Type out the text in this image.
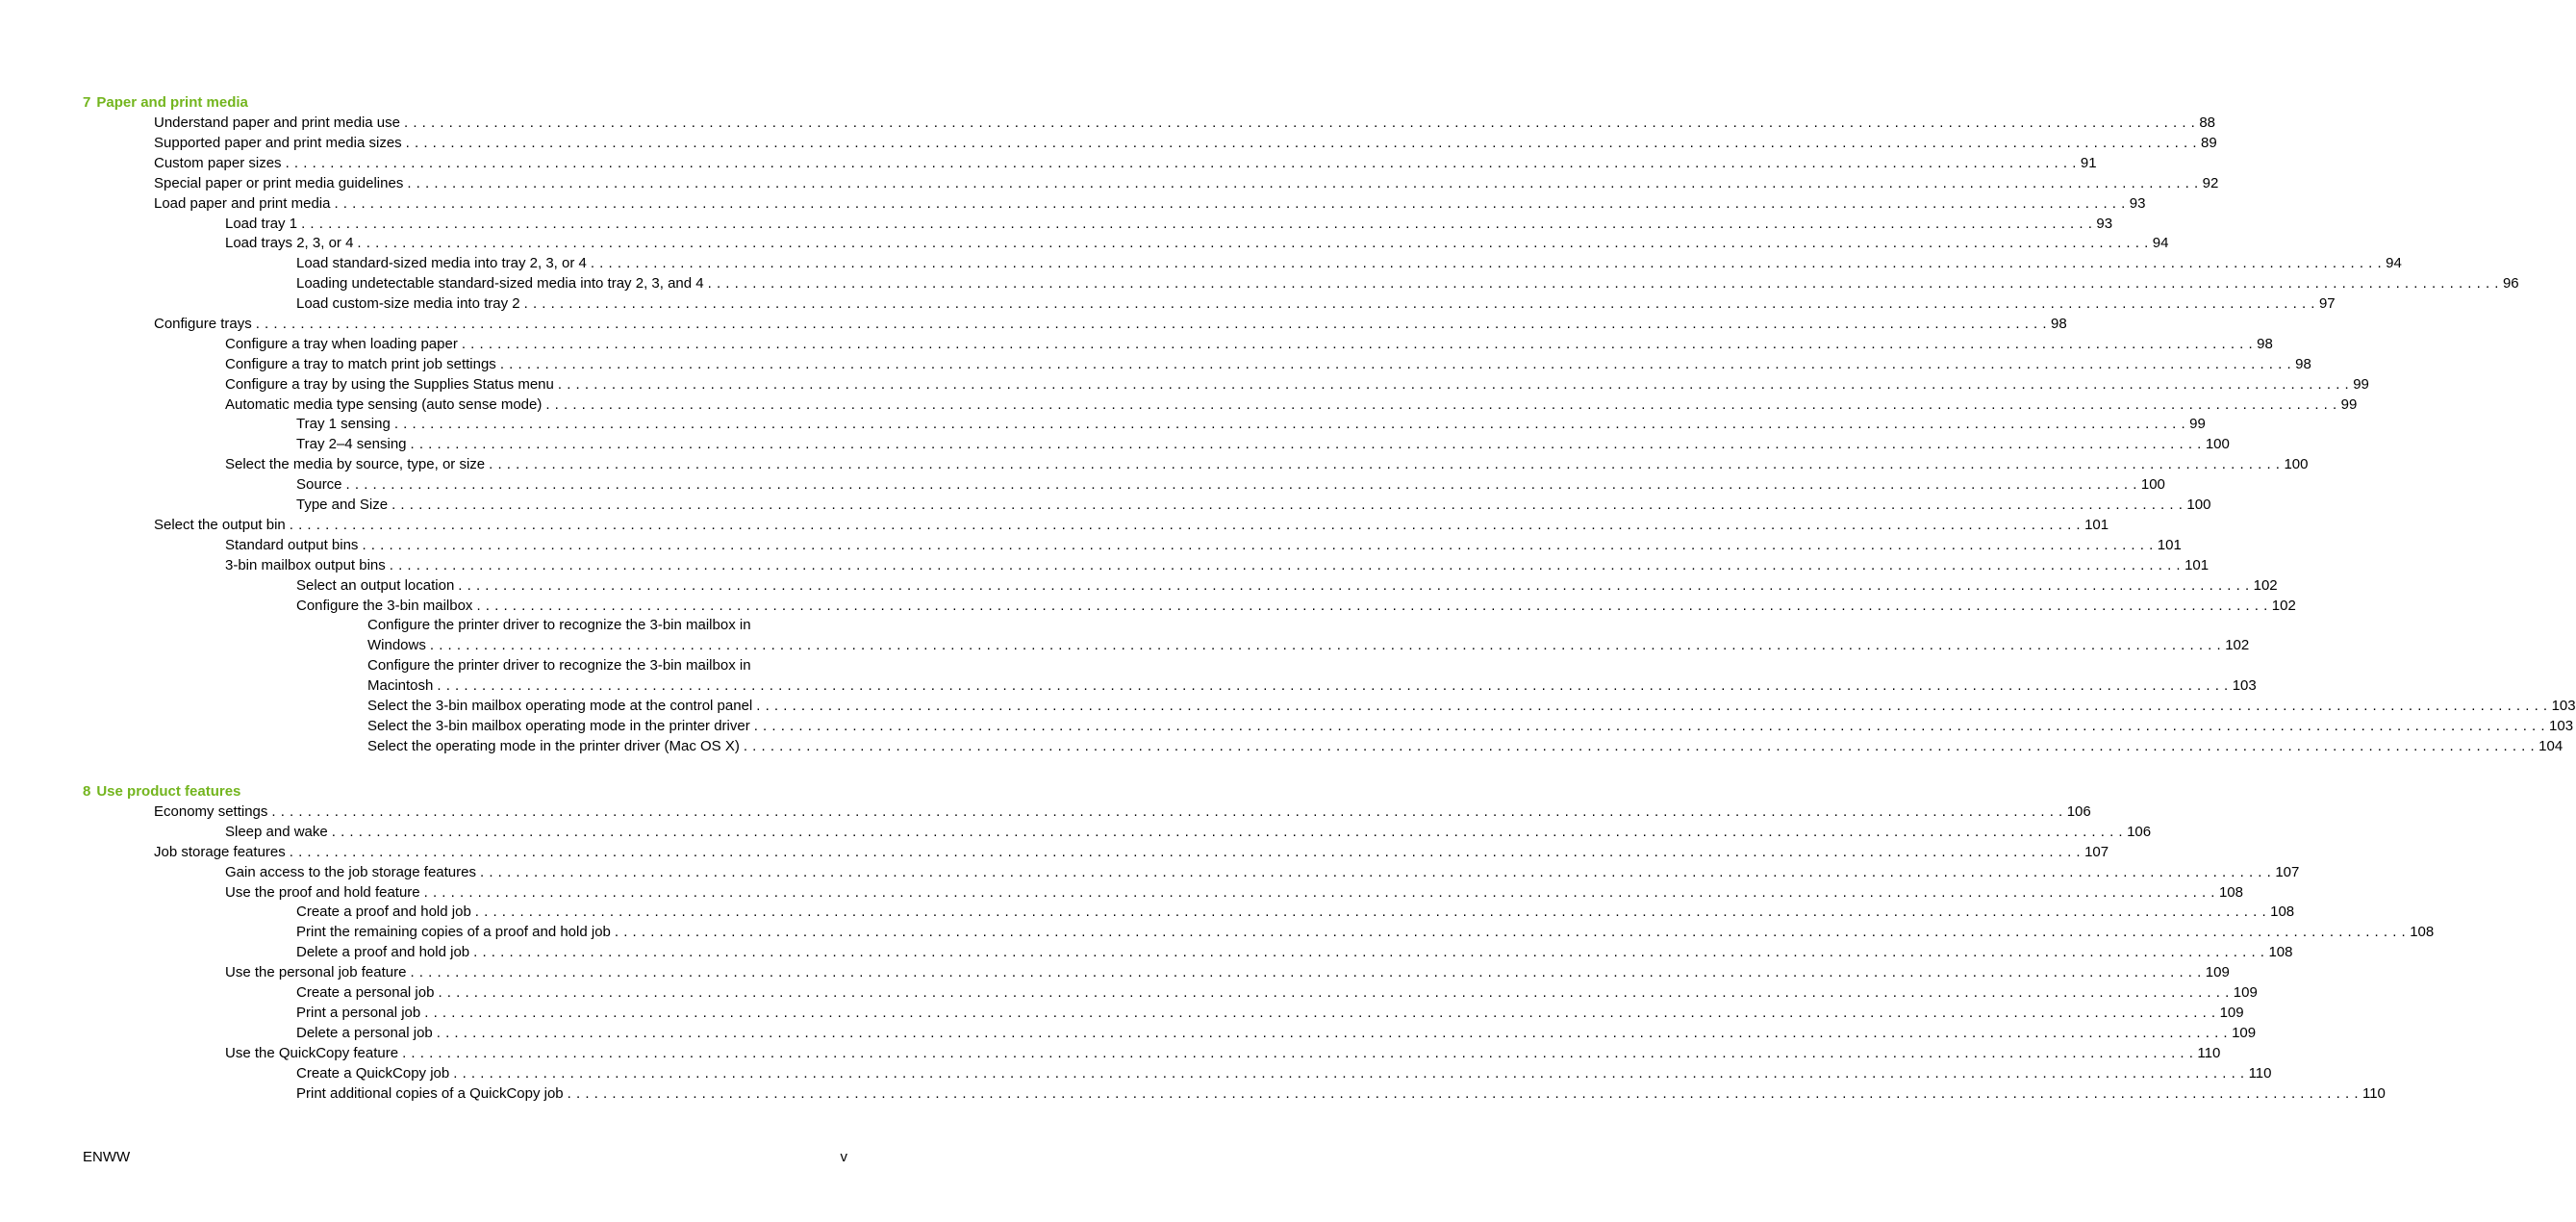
7 Paper and print media
Understand paper and print media use . . . . . . . . . . . . . . . . . . . . . . . . . . . . . . . . . . . . . . . . . . . . . . . . . . . . . . . . . . . . . . . . . . . . . . . . . . . . . . . . . . . . . . . . . . . . . . . . . . . . . . . . . . . . . . . . . . . . . . . . . . . . . . . . . . . . . . . . . . . . . . . . . . . . . . . . . . . . . . . . . . . . . . . . . . . . . . . . . . . . . . . . . . . . . . . . . . . . . . . . 88
Supported paper and print media sizes . . . . . . . . . . . . . . . . . . . . . . . . . . . . . . . . . . . . . . . . . . . . . . . . . . . . . . . . . . . . . . . . . . . . . . . . . . . . . . . . . . . . . . . . . . . . . . . . . . . . . . . . . . . . . . . . . . . . . . . . . . . . . . . . . . . . . . . . . . . . . . . . . . . . . . . . . . . . . . . . . . . . . . . . . . . . . . . . . . . . . . . . . . . . . . . . . . . . . . . . 89
Custom paper sizes . . . . . . . . . . . . . . . . . . . . . . . . . . . . . . . . . . . . . . . . . . . . . . . . . . . . . . . . . . . . . . . . . . . . . . . . . . . . . . . . . . . . . . . . . . . . . . . . . . . . . . . . . . . . . . . . . . . . . . . . . . . . . . . . . . . . . . . . . . . . . . . . . . . . . . . . . . . . . . . . . . . . . . . . . . . . . . . . . . . . . . . . . . . . . . . . . . . . . . . . 91
Special paper or print media guidelines . . . . . . . . . . . . . . . . . . . . . . . . . . . . . . . . . . . . . . . . . . . . . . . . . . . . . . . . . . . . . . . . . . . . . . . . . . . . . . . . . . . . . . . . . . . . . . . . . . . . . . . . . . . . . . . . . . . . . . . . . . . . . . . . . . . . . . . . . . . . . . . . . . . . . . . . . . . . . . . . . . . . . . . . . . . . . . . . . . . . . . . . . . . . . . . . . . . . . . . . 92
Load paper and print media . . . . . . . . . . . . . . . . . . . . . . . . . . . . . . . . . . . . . . . . . . . . . . . . . . . . . . . . . . . . . . . . . . . . . . . . . . . . . . . . . . . . . . . . . . . . . . . . . . . . . . . . . . . . . . . . . . . . . . . . . . . . . . . . . . . . . . . . . . . . . . . . . . . . . . . . . . . . . . . . . . . . . . . . . . . . . . . . . . . . . . . . . . . . . . . . . . . . . . . . 93
Load tray 1 . . . . . . . . . . . . . . . . . . . . . . . . . . . . . . . . . . . . . . . . . . . . . . . . . . . . . . . . . . . . . . . . . . . . . . . . . . . . . . . . . . . . . . . . . . . . . . . . . . . . . . . . . . . . . . . . . . . . . . . . . . . . . . . . . . . . . . . . . . . . . . . . . . . . . . . . . . . . . . . . . . . . . . . . . . . . . . . . . . . . . . . . . . . . . . . . . . . . . . . . 93
Load trays 2, 3, or 4 . . . . . . . . . . . . . . . . . . . . . . . . . . . . . . . . . . . . . . . . . . . . . . . . . . . . . . . . . . . . . . . . . . . . . . . . . . . . . . . . . . . . . . . . . . . . . . . . . . . . . . . . . . . . . . . . . . . . . . . . . . . . . . . . . . . . . . . . . . . . . . . . . . . . . . . . . . . . . . . . . . . . . . . . . . . . . . . . . . . . . . . . . . . . . . . . . . . . . . . . 94
Load standard-sized media into tray 2, 3, or 4 . . . . . . . . . . . . . . . . . . . . . . . . . . . . . . . . . . . . . . . . . . . . . . . . . . . . . . . . . . . . . . . . . . . . . . . . . . . . . . . . . . . . . . . . . . . . . . . . . . . . . . . . . . . . . . . . . . . . . . . . . . . . . . . . . . . . . . . . . . . . . . . . . . . . . . . . . . . . . . . . . . . . . . . . . . . . . . . . . . . . . . . . . . . . . . . . . . . . . . . . 94
Loading undetectable standard-sized media into tray 2, 3, and 4 . . . . . . . . . . . . . . . . . . . . . . . . . . . . . . . . . . . . . . . . . . . . . . . . . . . . . . . . . . . . . . . . . . . . . . . . . . . . . . . . . . . . . . . . . . . . . . . . . . . . . . . . . . . . . . . . . . . . . . . . . . . . . . . . . . . . . . . . . . . . . . . . . . . . . . . . . . . . . . . . . . . . . . . . . . . . . . . . . . . . . . . . . . . . . . . . . . . . . . . . 96
Load custom-size media into tray 2 . . . . . . . . . . . . . . . . . . . . . . . . . . . . . . . . . . . . . . . . . . . . . . . . . . . . . . . . . . . . . . . . . . . . . . . . . . . . . . . . . . . . . . . . . . . . . . . . . . . . . . . . . . . . . . . . . . . . . . . . . . . . . . . . . . . . . . . . . . . . . . . . . . . . . . . . . . . . . . . . . . . . . . . . . . . . . . . . . . . . . . . . . . . . . . . . . . . . . . . . 97
Configure trays . . . . . . . . . . . . . . . . . . . . . . . . . . . . . . . . . . . . . . . . . . . . . . . . . . . . . . . . . . . . . . . . . . . . . . . . . . . . . . . . . . . . . . . . . . . . . . . . . . . . . . . . . . . . . . . . . . . . . . . . . . . . . . . . . . . . . . . . . . . . . . . . . . . . . . . . . . . . . . . . . . . . . . . . . . . . . . . . . . . . . . . . . . . . . . . . . . . . . . . . 98
Configure a tray when loading paper . . . . . . . . . . . . . . . . . . . . . . . . . . . . . . . . . . . . . . . . . . . . . . . . . . . . . . . . . . . . . . . . . . . . . . . . . . . . . . . . . . . . . . . . . . . . . . . . . . . . . . . . . . . . . . . . . . . . . . . . . . . . . . . . . . . . . . . . . . . . . . . . . . . . . . . . . . . . . . . . . . . . . . . . . . . . . . . . . . . . . . . . . . . . . . . . . . . . . . . . 98
Configure a tray to match print job settings . . . . . . . . . . . . . . . . . . . . . . . . . . . . . . . . . . . . . . . . . . . . . . . . . . . . . . . . . . . . . . . . . . . . . . . . . . . . . . . . . . . . . . . . . . . . . . . . . . . . . . . . . . . . . . . . . . . . . . . . . . . . . . . . . . . . . . . . . . . . . . . . . . . . . . . . . . . . . . . . . . . . . . . . . . . . . . . . . . . . . . . . . . . . . . . . . . . . . . . . 98
Configure a tray by using the Supplies Status menu . . . . . . . . . . . . . . . . . . . . . . . . . . . . . . . . . . . . . . . . . . . . . . . . . . . . . . . . . . . . . . . . . . . . . . . . . . . . . . . . . . . . . . . . . . . . . . . . . . . . . . . . . . . . . . . . . . . . . . . . . . . . . . . . . . . . . . . . . . . . . . . . . . . . . . . . . . . . . . . . . . . . . . . . . . . . . . . . . . . . . . . . . . . . . . . . . . . . . . . . 99
Automatic media type sensing (auto sense mode) . . . . . . . . . . . . . . . . . . . . . . . . . . . . . . . . . . . . . . . . . . . . . . . . . . . . . . . . . . . . . . . . . . . . . . . . . . . . . . . . . . . . . . . . . . . . . . . . . . . . . . . . . . . . . . . . . . . . . . . . . . . . . . . . . . . . . . . . . . . . . . . . . . . . . . . . . . . . . . . . . . . . . . . . . . . . . . . . . . . . . . . . . . . . . . . . . . . . . . . . 99
Tray 1 sensing . . . . . . . . . . . . . . . . . . . . . . . . . . . . . . . . . . . . . . . . . . . . . . . . . . . . . . . . . . . . . . . . . . . . . . . . . . . . . . . . . . . . . . . . . . . . . . . . . . . . . . . . . . . . . . . . . . . . . . . . . . . . . . . . . . . . . . . . . . . . . . . . . . . . . . . . . . . . . . . . . . . . . . . . . . . . . . . . . . . . . . . . . . . . . . . . . . . . . . . . 99
Tray 2–4 sensing . . . . . . . . . . . . . . . . . . . . . . . . . . . . . . . . . . . . . . . . . . . . . . . . . . . . . . . . . . . . . . . . . . . . . . . . . . . . . . . . . . . . . . . . . . . . . . . . . . . . . . . . . . . . . . . . . . . . . . . . . . . . . . . . . . . . . . . . . . . . . . . . . . . . . . . . . . . . . . . . . . . . . . . . . . . . . . . . . . . . . . . . . . . . . . . . . . . . . . . . 100
Select the media by source, type, or size . . . . . . . . . . . . . . . . . . . . . . . . . . . . . . . . . . . . . . . . . . . . . . . . . . . . . . . . . . . . . . . . . . . . . . . . . . . . . . . . . . . . . . . . . . . . . . . . . . . . . . . . . . . . . . . . . . . . . . . . . . . . . . . . . . . . . . . . . . . . . . . . . . . . . . . . . . . . . . . . . . . . . . . . . . . . . . . . . . . . . . . . . . . . . . . . . . . . . . . . 100
Source . . . . . . . . . . . . . . . . . . . . . . . . . . . . . . . . . . . . . . . . . . . . . . . . . . . . . . . . . . . . . . . . . . . . . . . . . . . . . . . . . . . . . . . . . . . . . . . . . . . . . . . . . . . . . . . . . . . . . . . . . . . . . . . . . . . . . . . . . . . . . . . . . . . . . . . . . . . . . . . . . . . . . . . . . . . . . . . . . . . . . . . . . . . . . . . . . . . . . . . . 100
Type and Size . . . . . . . . . . . . . . . . . . . . . . . . . . . . . . . . . . . . . . . . . . . . . . . . . . . . . . . . . . . . . . . . . . . . . . . . . . . . . . . . . . . . . . . . . . . . . . . . . . . . . . . . . . . . . . . . . . . . . . . . . . . . . . . . . . . . . . . . . . . . . . . . . . . . . . . . . . . . . . . . . . . . . . . . . . . . . . . . . . . . . . . . . . . . . . . . . . . . . . . . 100
Select the output bin . . . . . . . . . . . . . . . . . . . . . . . . . . . . . . . . . . . . . . . . . . . . . . . . . . . . . . . . . . . . . . . . . . . . . . . . . . . . . . . . . . . . . . . . . . . . . . . . . . . . . . . . . . . . . . . . . . . . . . . . . . . . . . . . . . . . . . . . . . . . . . . . . . . . . . . . . . . . . . . . . . . . . . . . . . . . . . . . . . . . . . . . . . . . . . . . . . . . . . . . 101
Standard output bins . . . . . . . . . . . . . . . . . . . . . . . . . . . . . . . . . . . . . . . . . . . . . . . . . . . . . . . . . . . . . . . . . . . . . . . . . . . . . . . . . . . . . . . . . . . . . . . . . . . . . . . . . . . . . . . . . . . . . . . . . . . . . . . . . . . . . . . . . . . . . . . . . . . . . . . . . . . . . . . . . . . . . . . . . . . . . . . . . . . . . . . . . . . . . . . . . . . . . . . . 101
3-bin mailbox output bins . . . . . . . . . . . . . . . . . . . . . . . . . . . . . . . . . . . . . . . . . . . . . . . . . . . . . . . . . . . . . . . . . . . . . . . . . . . . . . . . . . . . . . . . . . . . . . . . . . . . . . . . . . . . . . . . . . . . . . . . . . . . . . . . . . . . . . . . . . . . . . . . . . . . . . . . . . . . . . . . . . . . . . . . . . . . . . . . . . . . . . . . . . . . . . . . . . . . . . . . 101
Select an output location . . . . . . . . . . . . . . . . . . . . . . . . . . . . . . . . . . . . . . . . . . . . . . . . . . . . . . . . . . . . . . . . . . . . . . . . . . . . . . . . . . . . . . . . . . . . . . . . . . . . . . . . . . . . . . . . . . . . . . . . . . . . . . . . . . . . . . . . . . . . . . . . . . . . . . . . . . . . . . . . . . . . . . . . . . . . . . . . . . . . . . . . . . . . . . . . . . . . . . . . 102
Configure the 3-bin mailbox . . . . . . . . . . . . . . . . . . . . . . . . . . . . . . . . . . . . . . . . . . . . . . . . . . . . . . . . . . . . . . . . . . . . . . . . . . . . . . . . . . . . . . . . . . . . . . . . . . . . . . . . . . . . . . . . . . . . . . . . . . . . . . . . . . . . . . . . . . . . . . . . . . . . . . . . . . . . . . . . . . . . . . . . . . . . . . . . . . . . . . . . . . . . . . . . . . . . . . . . 102
Configure the printer driver to recognize the 3-bin mailbox in
Windows . . . . . . . . . . . . . . . . . . . . . . . . . . . . . . . . . . . . . . . . . . . . . . . . . . . . . . . . . . . . . . . . . . . . . . . . . . . . . . . . . . . . . . . . . . . . . . . . . . . . . . . . . . . . . . . . . . . . . . . . . . . . . . . . . . . . . . . . . . . . . . . . . . . . . . . . . . . . . . . . . . . . . . . . . . . . . . . . . . . . . . . . . . . . . . . . . . . . . . . . 102
Configure the printer driver to recognize the 3-bin mailbox in
Macintosh . . . . . . . . . . . . . . . . . . . . . . . . . . . . . . . . . . . . . . . . . . . . . . . . . . . . . . . . . . . . . . . . . . . . . . . . . . . . . . . . . . . . . . . . . . . . . . . . . . . . . . . . . . . . . . . . . . . . . . . . . . . . . . . . . . . . . . . . . . . . . . . . . . . . . . . . . . . . . . . . . . . . . . . . . . . . . . . . . . . . . . . . . . . . . . . . . . . . . . . . 103
Select the 3-bin mailbox operating mode at the control panel . . . . . . . . . . . . . . . . . . . . . . . . . . . . . . . . . . . . . . . . . . . . . . . . . . . . . . . . . . . . . . . . . . . . . . . . . . . . . . . . . . . . . . . . . . . . . . . . . . . . . . . . . . . . . . . . . . . . . . . . . . . . . . . . . . . . . . . . . . . . . . . . . . . . . . . . . . . . . . . . . . . . . . . . . . . . . . . . . . . . . . . . . . . . . . . . . . . . . . . . 103
Select the 3-bin mailbox operating mode in the printer driver . . . . . . . . . . . . . . . . . . . . . . . . . . . . . . . . . . . . . . . . . . . . . . . . . . . . . . . . . . . . . . . . . . . . . . . . . . . . . . . . . . . . . . . . . . . . . . . . . . . . . . . . . . . . . . . . . . . . . . . . . . . . . . . . . . . . . . . . . . . . . . . . . . . . . . . . . . . . . . . . . . . . . . . . . . . . . . . . . . . . . . . . . . . . . . . . . . . . . . . . 103
Select the operating mode in the printer driver (Mac OS X) . . . . . . . . . . . . . . . . . . . . . . . . . . . . . . . . . . . . . . . . . . . . . . . . . . . . . . . . . . . . . . . . . . . . . . . . . . . . . . . . . . . . . . . . . . . . . . . . . . . . . . . . . . . . . . . . . . . . . . . . . . . . . . . . . . . . . . . . . . . . . . . . . . . . . . . . . . . . . . . . . . . . . . . . . . . . . . . . . . . . . . . . . . . . . . . . . . . . . . . . 104
8 Use product features
Economy settings . . . . . . . . . . . . . . . . . . . . . . . . . . . . . . . . . . . . . . . . . . . . . . . . . . . . . . . . . . . . . . . . . . . . . . . . . . . . . . . . . . . . . . . . . . . . . . . . . . . . . . . . . . . . . . . . . . . . . . . . . . . . . . . . . . . . . . . . . . . . . . . . . . . . . . . . . . . . . . . . . . . . . . . . . . . . . . . . . . . . . . . . . . . . . . . . . . . . . . . . 106
Sleep and wake . . . . . . . . . . . . . . . . . . . . . . . . . . . . . . . . . . . . . . . . . . . . . . . . . . . . . . . . . . . . . . . . . . . . . . . . . . . . . . . . . . . . . . . . . . . . . . . . . . . . . . . . . . . . . . . . . . . . . . . . . . . . . . . . . . . . . . . . . . . . . . . . . . . . . . . . . . . . . . . . . . . . . . . . . . . . . . . . . . . . . . . . . . . . . . . . . . . . . . . . 106
Job storage features . . . . . . . . . . . . . . . . . . . . . . . . . . . . . . . . . . . . . . . . . . . . . . . . . . . . . . . . . . . . . . . . . . . . . . . . . . . . . . . . . . . . . . . . . . . . . . . . . . . . . . . . . . . . . . . . . . . . . . . . . . . . . . . . . . . . . . . . . . . . . . . . . . . . . . . . . . . . . . . . . . . . . . . . . . . . . . . . . . . . . . . . . . . . . . . . . . . . . . . . 107
Gain access to the job storage features . . . . . . . . . . . . . . . . . . . . . . . . . . . . . . . . . . . . . . . . . . . . . . . . . . . . . . . . . . . . . . . . . . . . . . . . . . . . . . . . . . . . . . . . . . . . . . . . . . . . . . . . . . . . . . . . . . . . . . . . . . . . . . . . . . . . . . . . . . . . . . . . . . . . . . . . . . . . . . . . . . . . . . . . . . . . . . . . . . . . . . . . . . . . . . . . . . . . . . . . 107
Use the proof and hold feature . . . . . . . . . . . . . . . . . . . . . . . . . . . . . . . . . . . . . . . . . . . . . . . . . . . . . . . . . . . . . . . . . . . . . . . . . . . . . . . . . . . . . . . . . . . . . . . . . . . . . . . . . . . . . . . . . . . . . . . . . . . . . . . . . . . . . . . . . . . . . . . . . . . . . . . . . . . . . . . . . . . . . . . . . . . . . . . . . . . . . . . . . . . . . . . . . . . . . . . . 108
Create a proof and hold job . . . . . . . . . . . . . . . . . . . . . . . . . . . . . . . . . . . . . . . . . . . . . . . . . . . . . . . . . . . . . . . . . . . . . . . . . . . . . . . . . . . . . . . . . . . . . . . . . . . . . . . . . . . . . . . . . . . . . . . . . . . . . . . . . . . . . . . . . . . . . . . . . . . . . . . . . . . . . . . . . . . . . . . . . . . . . . . . . . . . . . . . . . . . . . . . . . . . . . . . 108
Print the remaining copies of a proof and hold job . . . . . . . . . . . . . . . . . . . . . . . . . . . . . . . . . . . . . . . . . . . . . . . . . . . . . . . . . . . . . . . . . . . . . . . . . . . . . . . . . . . . . . . . . . . . . . . . . . . . . . . . . . . . . . . . . . . . . . . . . . . . . . . . . . . . . . . . . . . . . . . . . . . . . . . . . . . . . . . . . . . . . . . . . . . . . . . . . . . . . . . . . . . . . . . . . . . . . . . . 108
Delete a proof and hold job . . . . . . . . . . . . . . . . . . . . . . . . . . . . . . . . . . . . . . . . . . . . . . . . . . . . . . . . . . . . . . . . . . . . . . . . . . . . . . . . . . . . . . . . . . . . . . . . . . . . . . . . . . . . . . . . . . . . . . . . . . . . . . . . . . . . . . . . . . . . . . . . . . . . . . . . . . . . . . . . . . . . . . . . . . . . . . . . . . . . . . . . . . . . . . . . . . . . . . . . 108
Use the personal job feature . . . . . . . . . . . . . . . . . . . . . . . . . . . . . . . . . . . . . . . . . . . . . . . . . . . . . . . . . . . . . . . . . . . . . . . . . . . . . . . . . . . . . . . . . . . . . . . . . . . . . . . . . . . . . . . . . . . . . . . . . . . . . . . . . . . . . . . . . . . . . . . . . . . . . . . . . . . . . . . . . . . . . . . . . . . . . . . . . . . . . . . . . . . . . . . . . . . . . . . . 109
Create a personal job . . . . . . . . . . . . . . . . . . . . . . . . . . . . . . . . . . . . . . . . . . . . . . . . . . . . . . . . . . . . . . . . . . . . . . . . . . . . . . . . . . . . . . . . . . . . . . . . . . . . . . . . . . . . . . . . . . . . . . . . . . . . . . . . . . . . . . . . . . . . . . . . . . . . . . . . . . . . . . . . . . . . . . . . . . . . . . . . . . . . . . . . . . . . . . . . . . . . . . . . 109
Print a personal job . . . . . . . . . . . . . . . . . . . . . . . . . . . . . . . . . . . . . . . . . . . . . . . . . . . . . . . . . . . . . . . . . . . . . . . . . . . . . . . . . . . . . . . . . . . . . . . . . . . . . . . . . . . . . . . . . . . . . . . . . . . . . . . . . . . . . . . . . . . . . . . . . . . . . . . . . . . . . . . . . . . . . . . . . . . . . . . . . . . . . . . . . . . . . . . . . . . . . . . . 109
Delete a personal job . . . . . . . . . . . . . . . . . . . . . . . . . . . . . . . . . . . . . . . . . . . . . . . . . . . . . . . . . . . . . . . . . . . . . . . . . . . . . . . . . . . . . . . . . . . . . . . . . . . . . . . . . . . . . . . . . . . . . . . . . . . . . . . . . . . . . . . . . . . . . . . . . . . . . . . . . . . . . . . . . . . . . . . . . . . . . . . . . . . . . . . . . . . . . . . . . . . . . . . . 109
Use the QuickCopy feature . . . . . . . . . . . . . . . . . . . . . . . . . . . . . . . . . . . . . . . . . . . . . . . . . . . . . . . . . . . . . . . . . . . . . . . . . . . . . . . . . . . . . . . . . . . . . . . . . . . . . . . . . . . . . . . . . . . . . . . . . . . . . . . . . . . . . . . . . . . . . . . . . . . . . . . . . . . . . . . . . . . . . . . . . . . . . . . . . . . . . . . . . . . . . . . . . . . . . . . . 110
Create a QuickCopy job . . . . . . . . . . . . . . . . . . . . . . . . . . . . . . . . . . . . . . . . . . . . . . . . . . . . . . . . . . . . . . . . . . . . . . . . . . . . . . . . . . . . . . . . . . . . . . . . . . . . . . . . . . . . . . . . . . . . . . . . . . . . . . . . . . . . . . . . . . . . . . . . . . . . . . . . . . . . . . . . . . . . . . . . . . . . . . . . . . . . . . . . . . . . . . . . . . . . . . . . 110
Print additional copies of a QuickCopy job . . . . . . . . . . . . . . . . . . . . . . . . . . . . . . . . . . . . . . . . . . . . . . . . . . . . . . . . . . . . . . . . . . . . . . . . . . . . . . . . . . . . . . . . . . . . . . . . . . . . . . . . . . . . . . . . . . . . . . . . . . . . . . . . . . . . . . . . . . . . . . . . . . . . . . . . . . . . . . . . . . . . . . . . . . . . . . . . . . . . . . . . . . . . . . . . . . . . . . . . 110
ENWW	v
